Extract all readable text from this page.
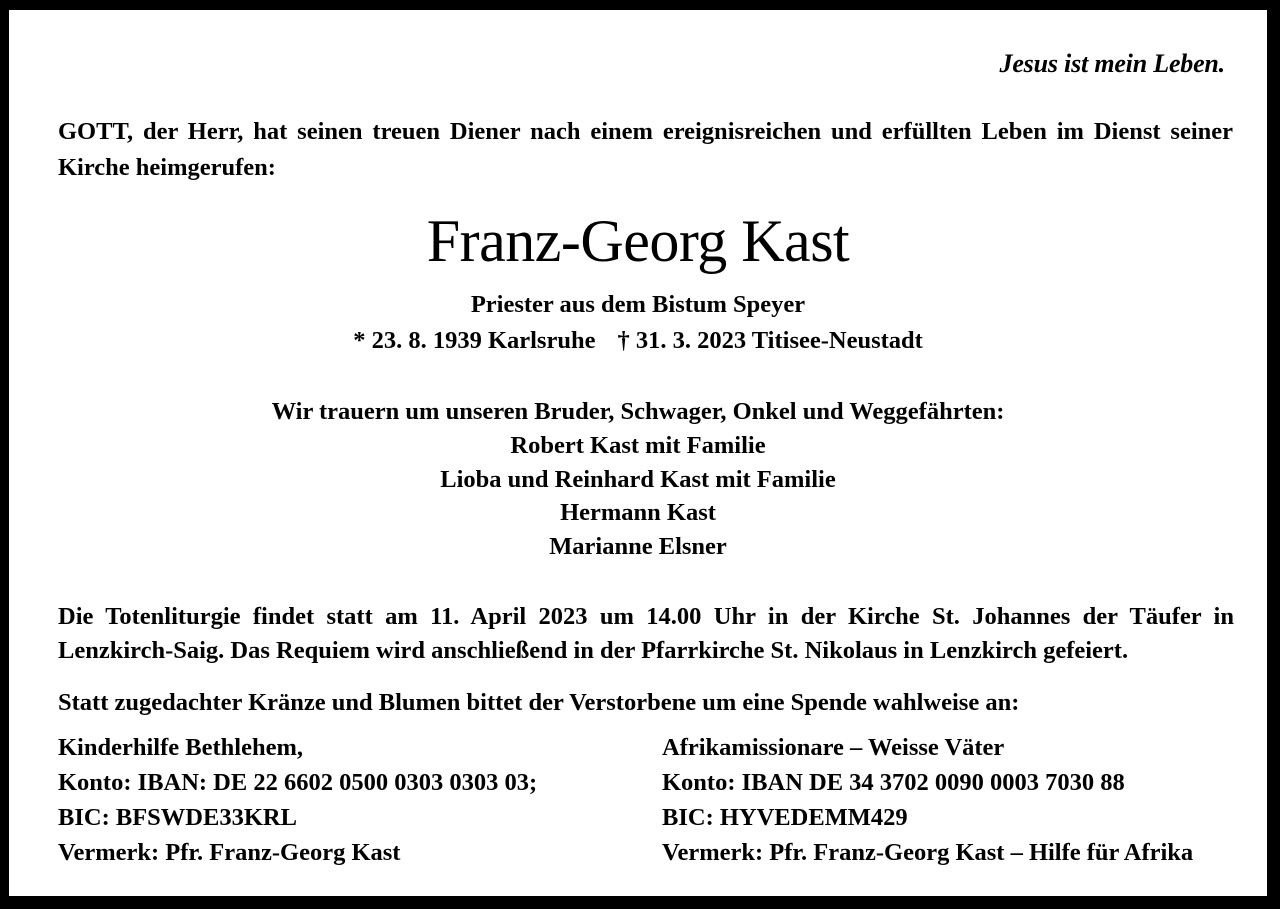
Jesus ist mein Leben.
GOTT, der Herr, hat seinen treuen Diener nach einem ereignisreichen und erfüllten Leben im Dienst seiner Kirche heimgerufen:
Franz-Georg Kast
Priester aus dem Bistum Speyer
* 23. 8. 1939 Karlsruhe † 31. 3. 2023 Titisee-Neustadt
Wir trauern um unseren Bruder, Schwager, Onkel und Weggefährten:
Robert Kast mit Familie
Lioba und Reinhard Kast mit Familie
Hermann Kast
Marianne Elsner
Die Totenliturgie findet statt am 11. April 2023 um 14.00 Uhr in der Kirche St. Johannes der Täufer in Lenzkirch-Saig. Das Requiem wird anschließend in der Pfarrkirche St. Nikolaus in Lenzkirch gefeiert.
Statt zugedachter Kränze und Blumen bittet der Verstorbene um eine Spende wahlweise an:
Kinderhilfe Bethlehem,
Konto: IBAN: DE 22 6602 0500 0303 0303 03;
BIC: BFSWDE33KRL
Vermerk: Pfr. Franz-Georg Kast
Afrikamissionare – Weisse Väter
Konto: IBAN DE 34 3702 0090 0003 7030 88
BIC: HYVEDEMM429
Vermerk: Pfr. Franz-Georg Kast – Hilfe für Afrika
